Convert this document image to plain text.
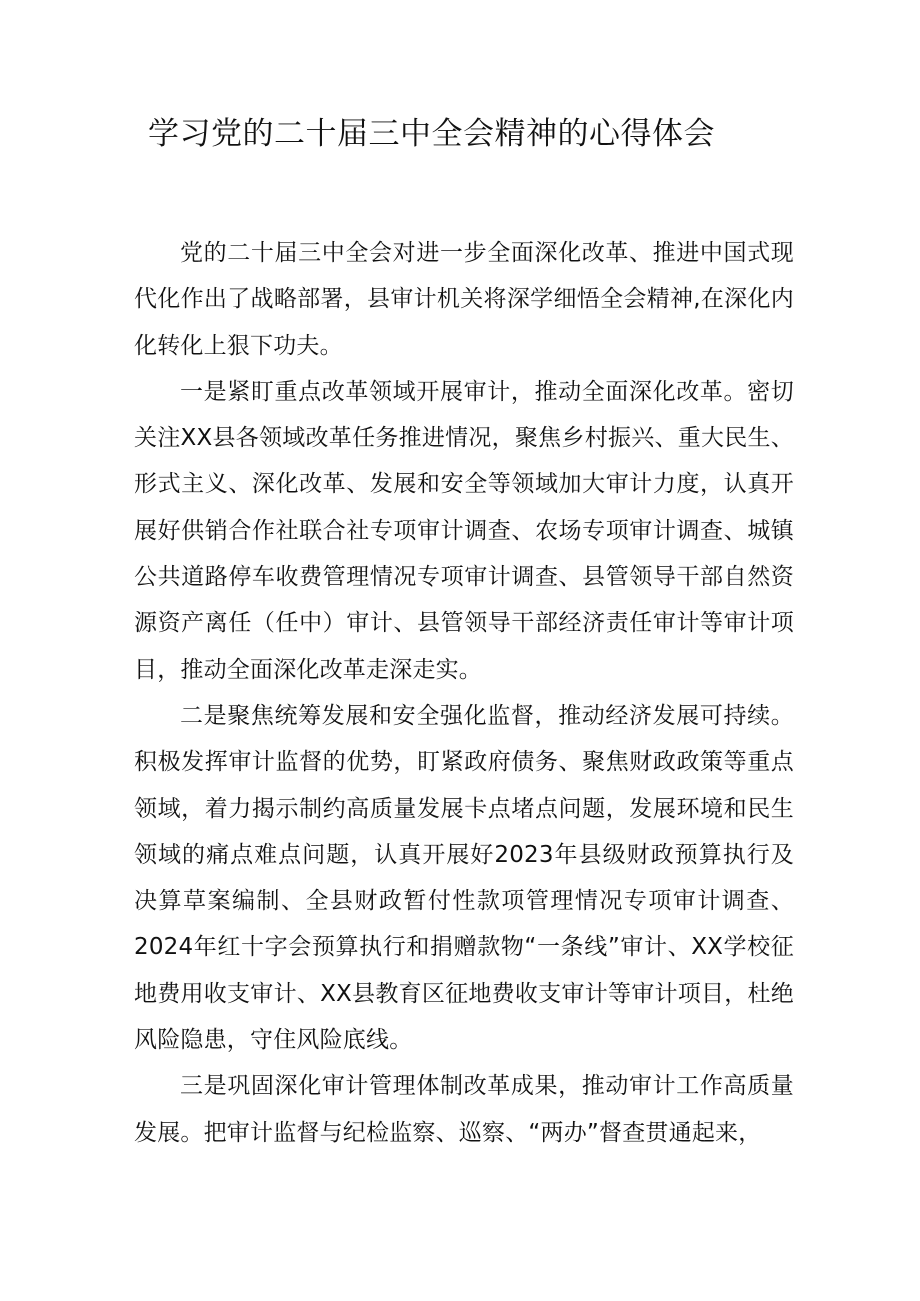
学习党的二十届三中全会精神的心得体会

党的二十届三中全会对进一步全面深化改革、推进中国式现代化作出了战略部署，县审计机关将深学细悟全会精神,在深化内化转化上狠下功夫。

一是紧盯重点改革领域开展审计，推动全面深化改革。密切关注XX县各领域改革任务推进情况，聚焦乡村振兴、重大民生、形式主义、深化改革、发展和安全等领域加大审计力度，认真开展好供销合作社联合社专项审计调查、农场专项审计调查、城镇公共道路停车收费管理情况专项审计调查、县管领导干部自然资源资产离任（任中）审计、县管领导干部经济责任审计等审计项目，推动全面深化改革走深走实。

二是聚焦统筹发展和安全强化监督，推动经济发展可持续。积极发挥审计监督的优势，盯紧政府债务、聚焦财政政策等重点领域，着力揭示制约高质量发展卡点堵点问题，发展环境和民生领域的痛点难点问题，认真开展好2023年县级财政预算执行及决算草案编制、全县财政暂付性款项管理情况专项审计调查、2024年红十字会预算执行和捐赠款物“一条线”审计、XX学校征地费用收支审计、XX县教育区征地费收支审计等审计项目，杜绝风险隐患，守住风险底线。

三是巩固深化审计管理体制改革成果，推动审计工作高质量发展。把审计监督与纪检监察、巡察、“两办”督查贯通起来，
